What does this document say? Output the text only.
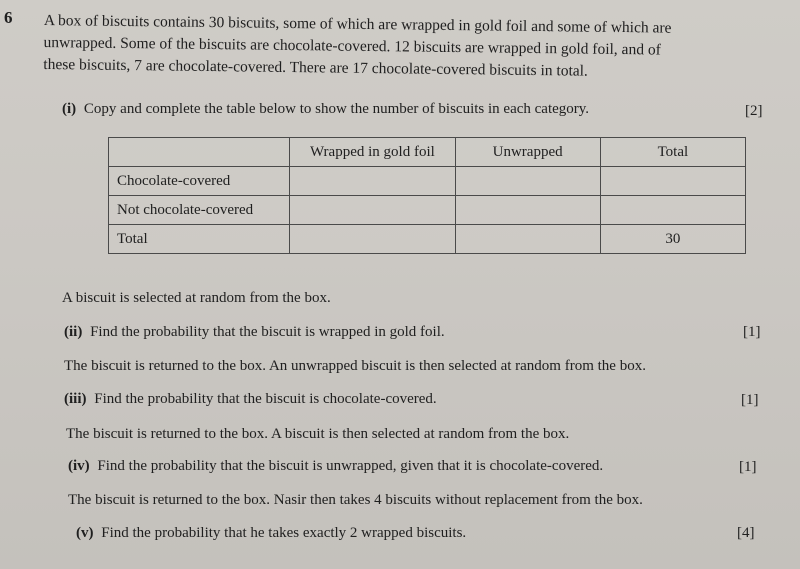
6 A box of biscuits contains 30 biscuits, some of which are wrapped in gold foil and some of which are

unwrapped. Some of the biscuits are chocolate-covered. 12 biscuits are wrapped in gold foil, and of

these biscuits, 7 are chocolate-covered. There are 17 chocolate-covered biscuits in total.

(i) Copy and complete the table below to show the number of biscuits in each category.	[2]
	Wrapped in gold foil	Unwrapped	Total
Chocolate-covered			
Not chocolate-covered			
Total			30
A biscuit is selected at random from the box.
(ii) Find the probability that the biscuit is wrapped in gold foil.	[1]
The biscuit is returned to the box. An unwrapped biscuit is then selected at random from the box.
(iii) Find the probability that the biscuit is chocolate-covered.	[1]
The biscuit is returned to the box. A biscuit is then selected at random from the box.
(iv) Find the probability that the biscuit is unwrapped, given that it is chocolate-covered.	[1]
The biscuit is returned to the box. Nasir then takes 4 biscuits without replacement from the box.
(v) Find the probability that he takes exactly 2 wrapped biscuits.	[4]
